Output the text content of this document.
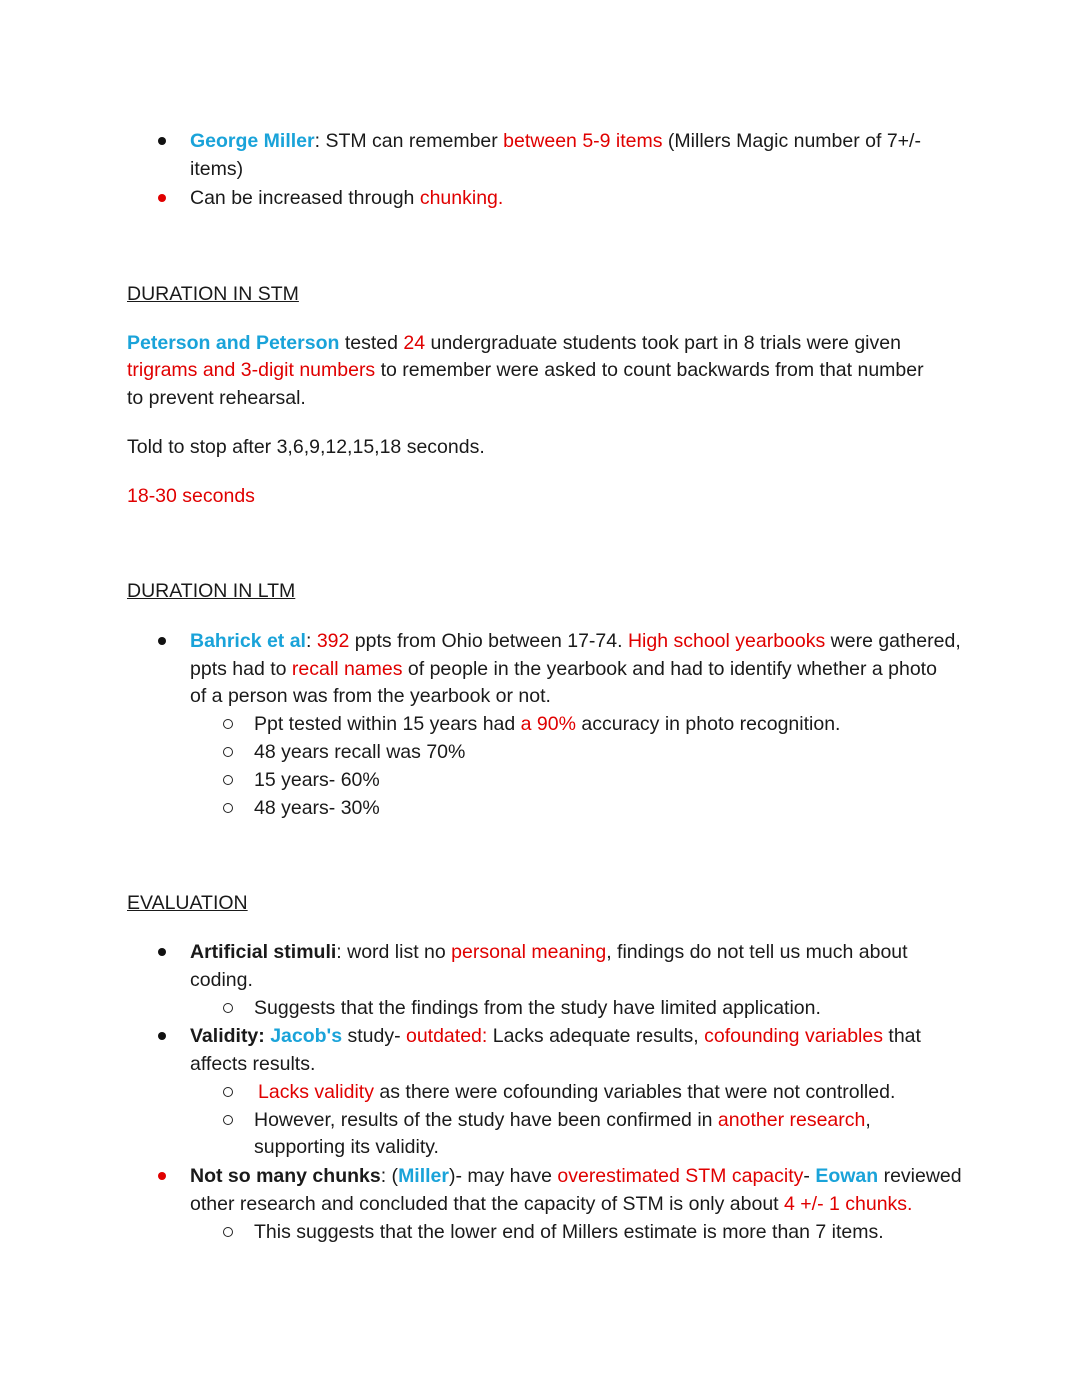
George Miller: STM can remember between 5-9 items (Millers Magic number of 7+/-
items)
Can be increased through chunking.
DURATION IN STM
Peterson and Peterson tested 24 undergraduate students took part in 8 trials were given
trigrams and 3-digit numbers to remember were asked to count backwards from that number
to prevent rehearsal.
Told to stop after 3,6,9,12,15,18 seconds.
18-30 seconds
DURATION IN LTM
Bahrick et al: 392 ppts from Ohio between 17-74. High school yearbooks were gathered,
ppts had to recall names of people in the yearbook and had to identify whether a photo
of a person was from the yearbook or not.
Ppt tested within 15 years had a 90% accuracy in photo recognition.
48 years recall was 70%
15 years- 60%
48 years- 30%
EVALUATION
Artificial stimuli: word list no personal meaning, findings do not tell us much about
coding.
Suggests that the findings from the study have limited application.
Validity: Jacob's study- outdated: Lacks adequate results, cofounding variables that
affects results.
Lacks validity as there were cofounding variables that were not controlled.
However, results of the study have been confirmed in another research,
supporting its validity.
Not so many chunks: (Miller)- may have overestimated STM capacity- Eowan reviewed
other research and concluded that the capacity of STM is only about 4 +/- 1 chunks.
This suggests that the lower end of Millers estimate is more than 7 items.
